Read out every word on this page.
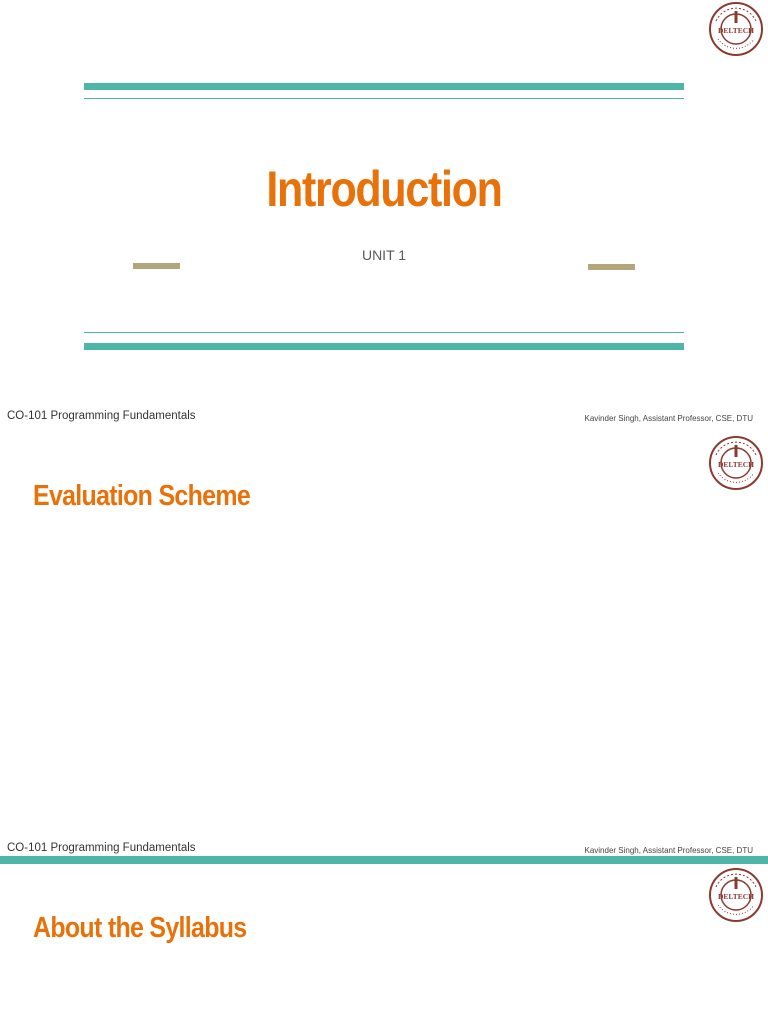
DELTECH
Introduction
UNIT 1
CO-101 Programming Fundamentals	Kavinder Singh, Assistant Professor, CSE, DTU
DELTECH
Evaluation Scheme
CO-101 Programming Fundamentals	Kavinder Singh, Assistant Professor, CSE, DTU
DELTECH
About the Syllabus
